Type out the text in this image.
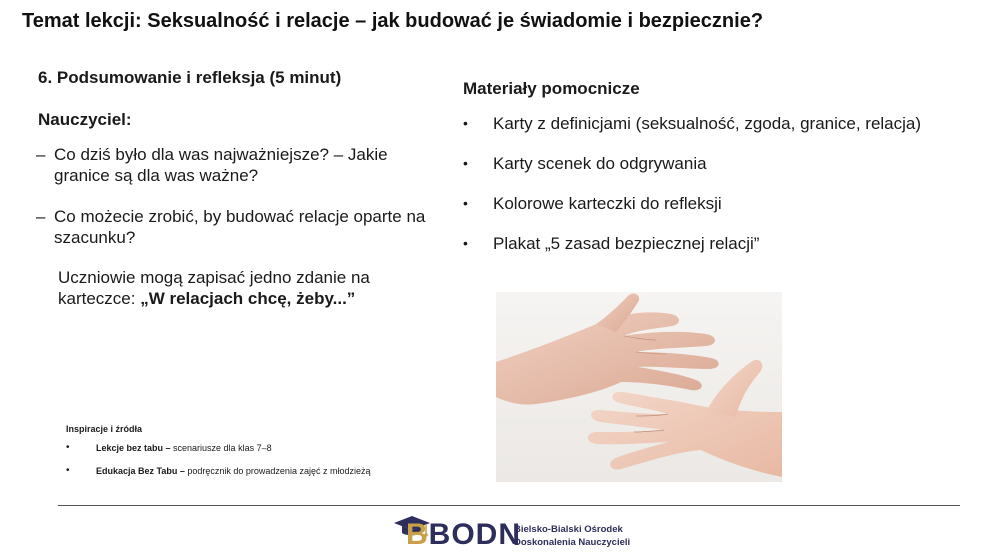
Temat lekcji: Seksualność i relacje – jak budować je świadomie i bezpiecznie?
6. Podsumowanie i refleksja (5 minut)
Nauczyciel:
– Co dziś było dla was najważniejsze? – Jakie granice są dla was ważne?
– Co możecie zrobić, by budować relacje oparte na szacunku?
Uczniowie mogą zapisać jedno zdanie na karteczce: „W relacjach chcę, żeby...”
Inspiracje i źródła
• Lekcje bez tabu – scenariusze dla klas 7–8
• Edukacja Bez Tabu – podręcznik do prowadzenia zajęć z młodzieżą
Materiały pomocnicze
• Karty z definicjami (seksualność, zgoda, granice, relacja)
• Karty scenek do odgrywania
• Kolorowe karteczki do refleksji
• Plakat „5 zasad bezpiecznej relacji”
BBODN
Bielsko-Bialski Ośrodek
Doskonalenia Nauczycieli
